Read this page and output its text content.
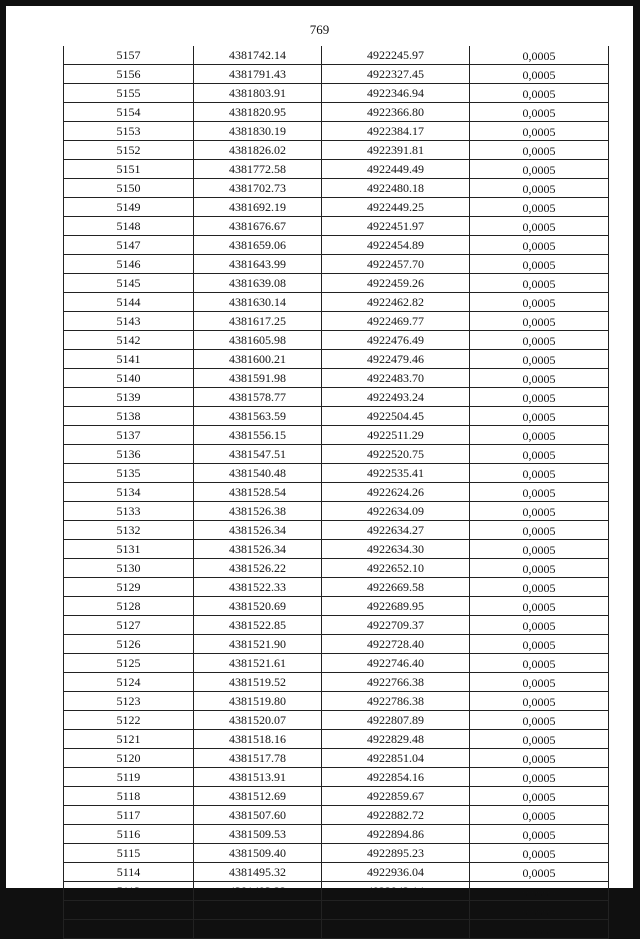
769
5157	4381742.14	4922245.97	0,0005
5156	4381791.43	4922327.45	0,0005
5155	4381803.91	4922346.94	0,0005
5154	4381820.95	4922366.80	0,0005
5153	4381830.19	4922384.17	0,0005
5152	4381826.02	4922391.81	0,0005
5151	4381772.58	4922449.49	0,0005
5150	4381702.73	4922480.18	0,0005
5149	4381692.19	4922449.25	0,0005
5148	4381676.67	4922451.97	0,0005
5147	4381659.06	4922454.89	0,0005
5146	4381643.99	4922457.70	0,0005
5145	4381639.08	4922459.26	0,0005
5144	4381630.14	4922462.82	0,0005
5143	4381617.25	4922469.77	0,0005
5142	4381605.98	4922476.49	0,0005
5141	4381600.21	4922479.46	0,0005
5140	4381591.98	4922483.70	0,0005
5139	4381578.77	4922493.24	0,0005
5138	4381563.59	4922504.45	0,0005
5137	4381556.15	4922511.29	0,0005
5136	4381547.51	4922520.75	0,0005
5135	4381540.48	4922535.41	0,0005
5134	4381528.54	4922624.26	0,0005
5133	4381526.38	4922634.09	0,0005
5132	4381526.34	4922634.27	0,0005
5131	4381526.34	4922634.30	0,0005
5130	4381526.22	4922652.10	0,0005
5129	4381522.33	4922669.58	0,0005
5128	4381520.69	4922689.95	0,0005
5127	4381522.85	4922709.37	0,0005
5126	4381521.90	4922728.40	0,0005
5125	4381521.61	4922746.40	0,0005
5124	4381519.52	4922766.38	0,0005
5123	4381519.80	4922786.38	0,0005
5122	4381520.07	4922807.89	0,0005
5121	4381518.16	4922829.48	0,0005
5120	4381517.78	4922851.04	0,0005
5119	4381513.91	4922854.16	0,0005
5118	4381512.69	4922859.67	0,0005
5117	4381507.60	4922882.72	0,0005
5116	4381509.53	4922894.86	0,0005
5115	4381509.40	4922895.23	0,0005
5114	4381495.32	4922936.04	0,0005
5113	4381493.22	4922942.14	0,0005
5112	4381486.86	4922939.61	0,0005
5111	4381478.20	4922946.66	0,0005
